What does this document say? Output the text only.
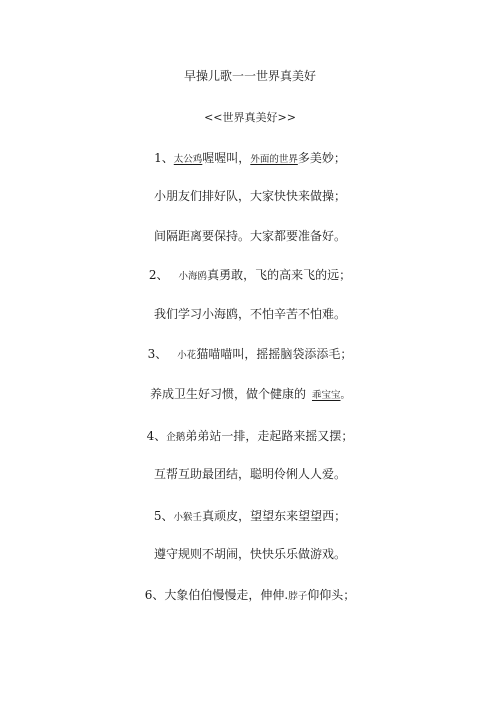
早操儿歌一一世界真美好
<<世界真美好>>
1、太公鸡喔喔叫，外面的世界多美妙；
小朋友们排好队，大家快快来做操；
间隔距离要保持。大家都要准备好。
2、 小海鸥真勇敢，飞的高来飞的远；
我们学习小海鸥，不怕辛苦不怕难。
3、 小花猫喵喵叫，摇摇脑袋添添毛；
养成卫生好习惯，做个健康的 乖宝宝。
4、企鹅弟弟站一排，走起路来摇又摆；
互帮互助最团结，聪明伶俐人人爱。
5、小猴壬真顽皮，望望东来望望西；
遵守规则不胡闹，快快乐乐做游戏。
6、大象伯伯慢慢走，伸伸.脖子仰仰头；
